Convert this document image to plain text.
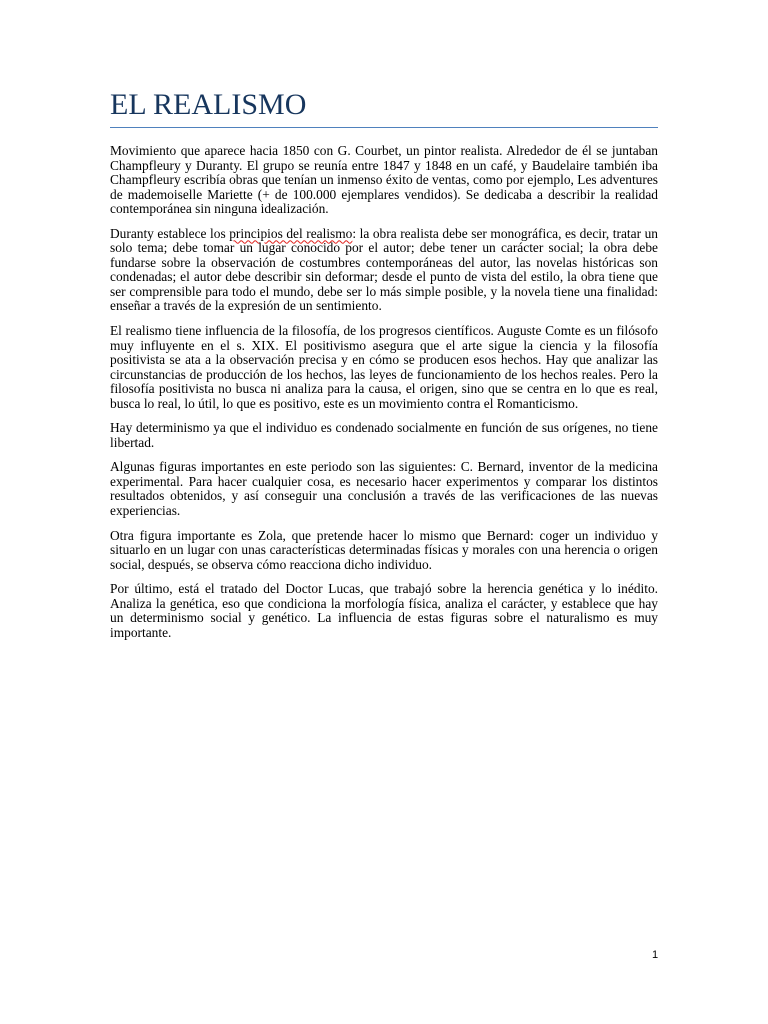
EL REALISMO

Movimiento que aparece hacia 1850 con G. Courbet, un pintor realista. Alrededor de él se juntaban Champfleury y Duranty. El grupo se reunía entre 1847 y 1848 en un café, y Baudelaire también iba Champfleury escribía obras que tenían un inmenso éxito de ventas, como por ejemplo, Les adventures de mademoiselle Mariette (+ de 100.000 ejemplares vendidos). Se dedicaba a describir la realidad contemporánea sin ninguna idealización.

Duranty establece los principios del realismo: la obra realista debe ser monográfica, es decir, tratar un solo tema; debe tomar un lugar conocido por el autor; debe tener un carácter social; la obra debe fundarse sobre la observación de costumbres contemporáneas del autor, las novelas históricas son condenadas; el autor debe describir sin deformar; desde el punto de vista del estilo, la obra tiene que ser comprensible para todo el mundo, debe ser lo más simple posible, y la novela tiene una finalidad: enseñar a través de la expresión de un sentimiento.

El realismo tiene influencia de la filosofía, de los progresos científicos. Auguste Comte es un filósofo muy influyente en el s. XIX. El positivismo asegura que el arte sigue la ciencia y la filosofía positivista se ata a la observación precisa y en cómo se producen esos hechos. Hay que analizar las circunstancias de producción de los hechos, las leyes de funcionamiento de los hechos reales. Pero la filosofía positivista no busca ni analiza para la causa, el origen, sino que se centra en lo que es real, busca lo real, lo útil, lo que es positivo, este es un movimiento contra el Romanticismo.

Hay determinismo ya que el individuo es condenado socialmente en función de sus orígenes, no tiene libertad.

Algunas figuras importantes en este periodo son las siguientes: C. Bernard, inventor de la medicina experimental. Para hacer cualquier cosa, es necesario hacer experimentos y comparar los distintos resultados obtenidos, y así conseguir una conclusión a través de las verificaciones de las nuevas experiencias.

Otra figura importante es Zola, que pretende hacer lo mismo que Bernard: coger un individuo y situarlo en un lugar con unas características determinadas físicas y morales con una herencia o origen social, después, se observa cómo reacciona dicho individuo.

Por último, está el tratado del Doctor Lucas, que trabajó sobre la herencia genética y lo inédito. Analiza la genética, eso que condiciona la morfología física, analiza el carácter, y establece que hay un determinismo social y genético. La influencia de estas figuras sobre el naturalismo es muy importante.

1
